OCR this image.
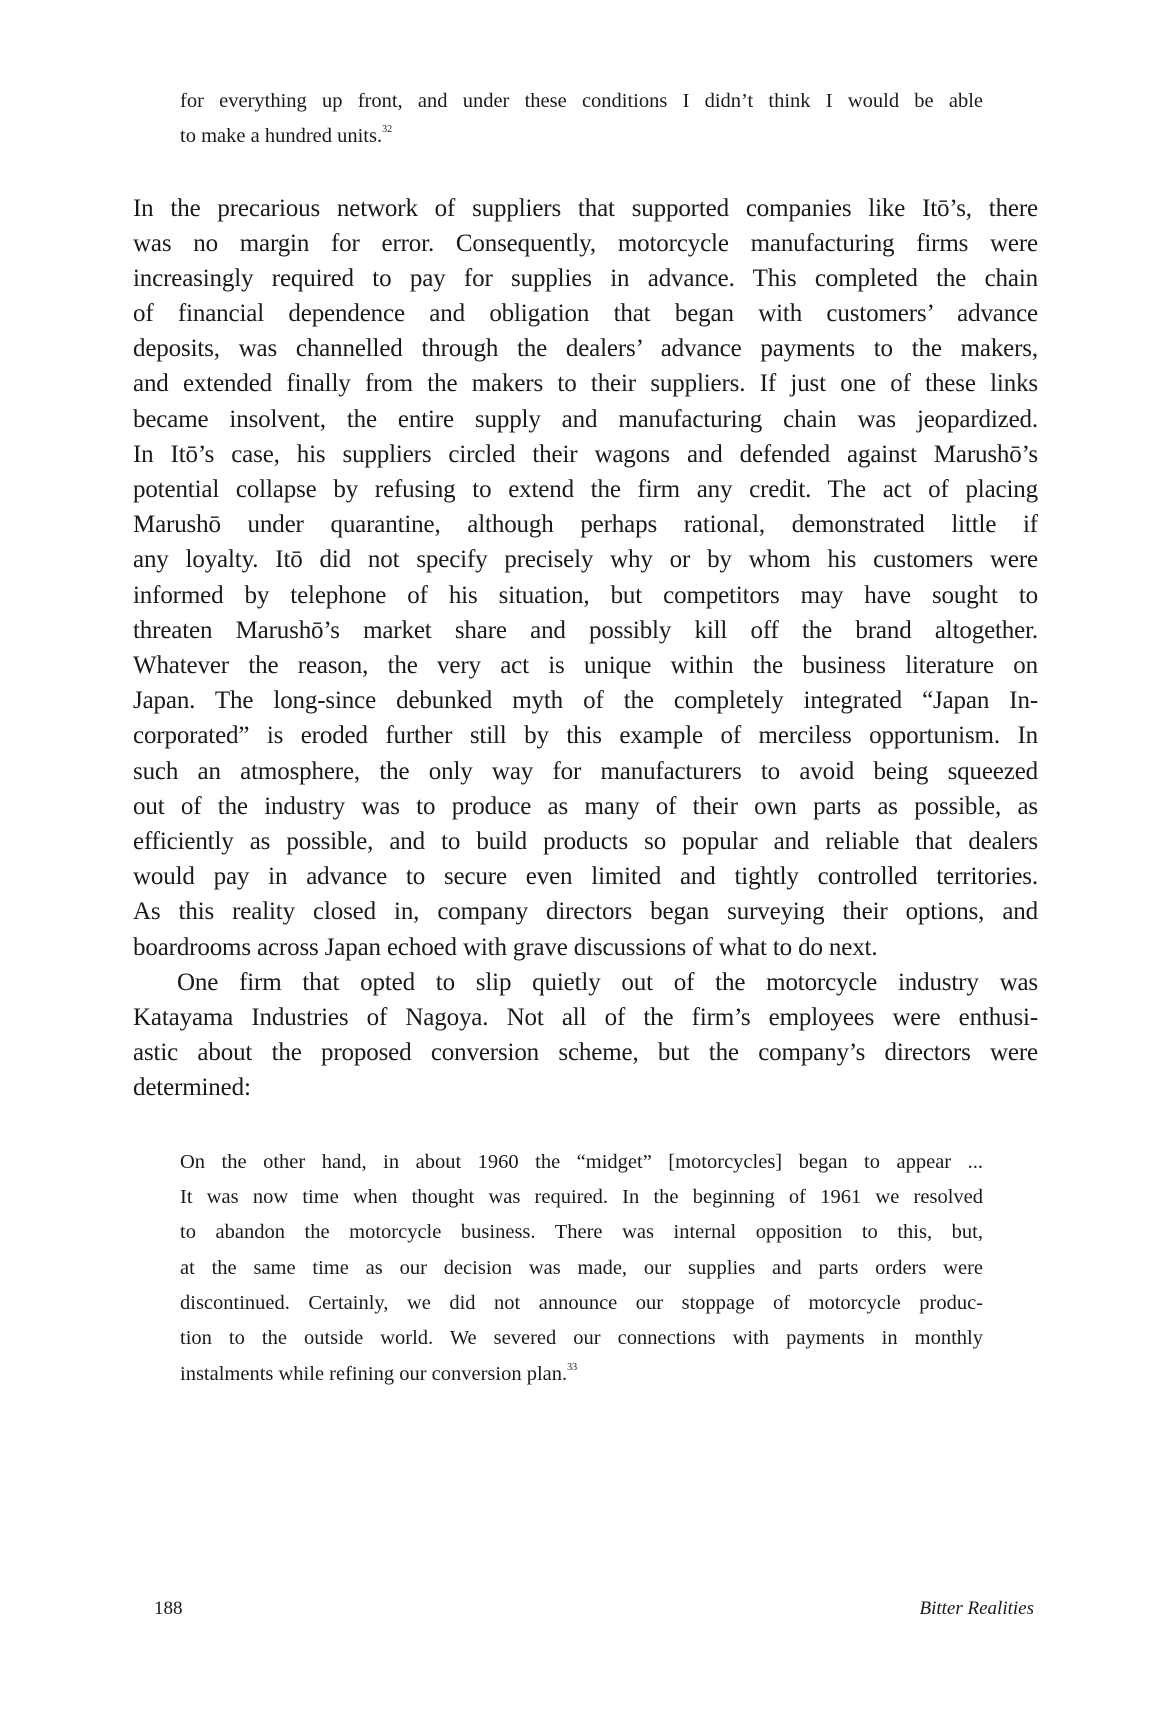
for everything up front, and under these conditions I didn’t think I would be able
to make a hundred units.$^{32}$
In the precarious network of suppliers that supported companies like Itō’s, there
was no margin for error. Consequently, motorcycle manufacturing firms were
increasingly required to pay for supplies in advance. This completed the chain
of financial dependence and obligation that began with customers’ advance
deposits, was channelled through the dealers’ advance payments to the makers,
and extended finally from the makers to their suppliers. If just one of these links
became insolvent, the entire supply and manufacturing chain was jeopardized.
In Itō’s case, his suppliers circled their wagons and defended against Marushō’s
potential collapse by refusing to extend the firm any credit. The act of placing
Marushō under quarantine, although perhaps rational, demonstrated little if
any loyalty. Itō did not specify precisely why or by whom his customers were
informed by telephone of his situation, but competitors may have sought to
threaten Marushō’s market share and possibly kill off the brand altogether.
Whatever the reason, the very act is unique within the business literature on
Japan. The long-since debunked myth of the completely integrated “Japan In-
corporated” is eroded further still by this example of merciless opportunism. In
such an atmosphere, the only way for manufacturers to avoid being squeezed
out of the industry was to produce as many of their own parts as possible, as
efficiently as possible, and to build products so popular and reliable that dealers
would pay in advance to secure even limited and tightly controlled territories.
As this reality closed in, company directors began surveying their options, and
boardrooms across Japan echoed with grave discussions of what to do next.
One firm that opted to slip quietly out of the motorcycle industry was
Katayama Industries of Nagoya. Not all of the firm’s employees were enthusi-
astic about the proposed conversion scheme, but the company’s directors were
determined:
On the other hand, in about 1960 the “midget” [motorcycles] began to appear ...
It was now time when thought was required. In the beginning of 1961 we resolved
to abandon the motorcycle business. There was internal opposition to this, but,
at the same time as our decision was made, our supplies and parts orders were
discontinued. Certainly, we did not announce our stoppage of motorcycle produc-
tion to the outside world. We severed our connections with payments in monthly
instalments while refining our conversion plan.$^{33}$
188	Bitter Realities
